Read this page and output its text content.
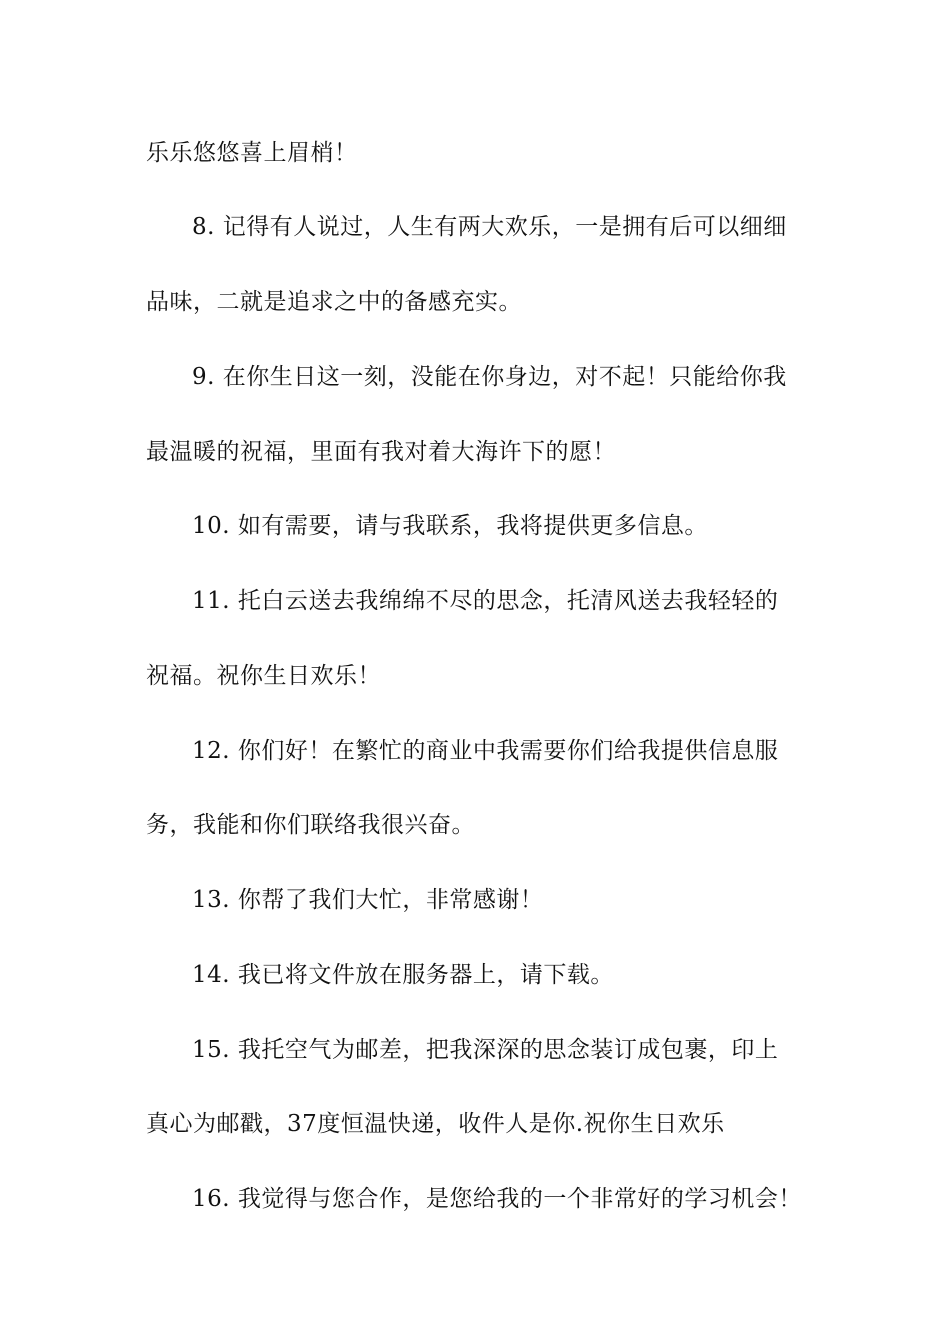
乐乐悠悠喜上眉梢！
8. 记得有人说过，人生有两大欢乐，一是拥有后可以细细
品味，二就是追求之中的备感充实。
9. 在你生日这一刻，没能在你身边，对不起！只能给你我
最温暖的祝福，里面有我对着大海许下的愿！
10. 如有需要，请与我联系，我将提供更多信息。
11. 托白云送去我绵绵不尽的思念，托清风送去我轻轻的
祝福。祝你生日欢乐！
12. 你们好！在繁忙的商业中我需要你们给我提供信息服
务，我能和你们联络我很兴奋。
13. 你帮了我们大忙，非常感谢！
14. 我已将文件放在服务器上，请下载。
15. 我托空气为邮差，把我深深的思念装订成包裹，印上
真心为邮戳，37度恒温快递，收件人是你.祝你生日欢乐
16. 我觉得与您合作，是您给我的一个非常好的学习机会！
